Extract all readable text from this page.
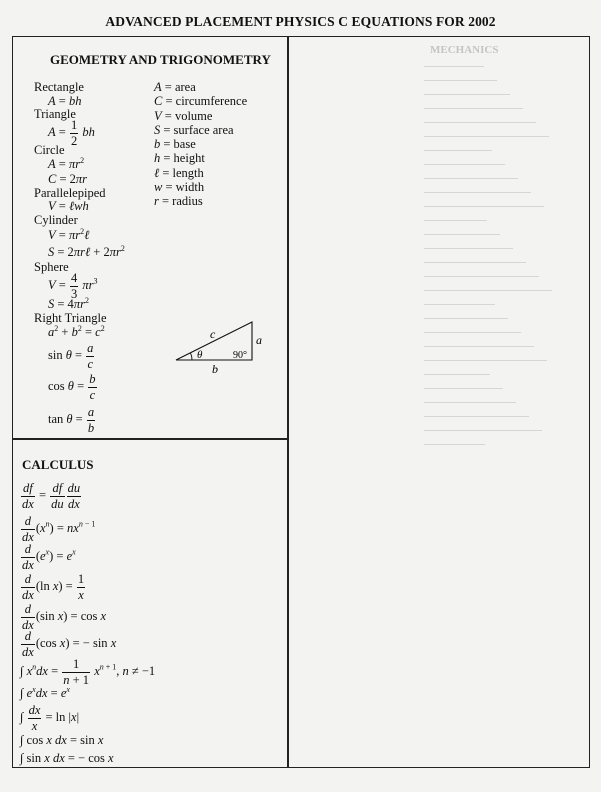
ADVANCED PLACEMENT PHYSICS C EQUATIONS FOR 2002
GEOMETRY AND TRIGONOMETRY
Rectangle
A = bh
Triangle
$A = \frac{1}{2}$ bh
Circle
$A = \pi r^2$
C = 2πr
Parallelepiped
V = ℓwh
Cylinder
$V = \pi r^2\ell$
S = 2πrℓ + $2\pi r^2$
Sphere
$V = \frac{4}{3} \pi r^3$
$S = 4\pi r^2$
Right Triangle
$a^2 + b^2 = c^2$
$\sin \theta = \frac{a}{c}$
$\cos \theta = \frac{b}{c}$
$\tan \theta = \frac{a}{b}$
A = area
C = circumference
V = volume
S = surface area
b = base
h = height
ℓ = length
w = width
r = radius
c	a
b
θ	90°
CALCULUS
$\frac{df}{dx} = \frac{df}{du} \frac{du}{dx}$
$\frac{d}{dx} (x^n) = nx^{n - 1}$
$\frac{d}{dx} (e^x) = e^x$
$\frac{d}{dx} (\ln$ $x) = \frac{1}{x}$
$\frac{d}{dx} (\sin$ x) = cos x
$\frac{d}{dx} (\cos$ x) = − sin x
∫ $x^ndx = \frac{1}{n + 1} x^{n + 1}$, n ≠ −1
∫ $e^xdx = e^x$
∫ $\frac{dx}{x} = \ln |x|$
∫ cos x dx = sin x
∫ sin x dx = − cos x
MECHANICS
